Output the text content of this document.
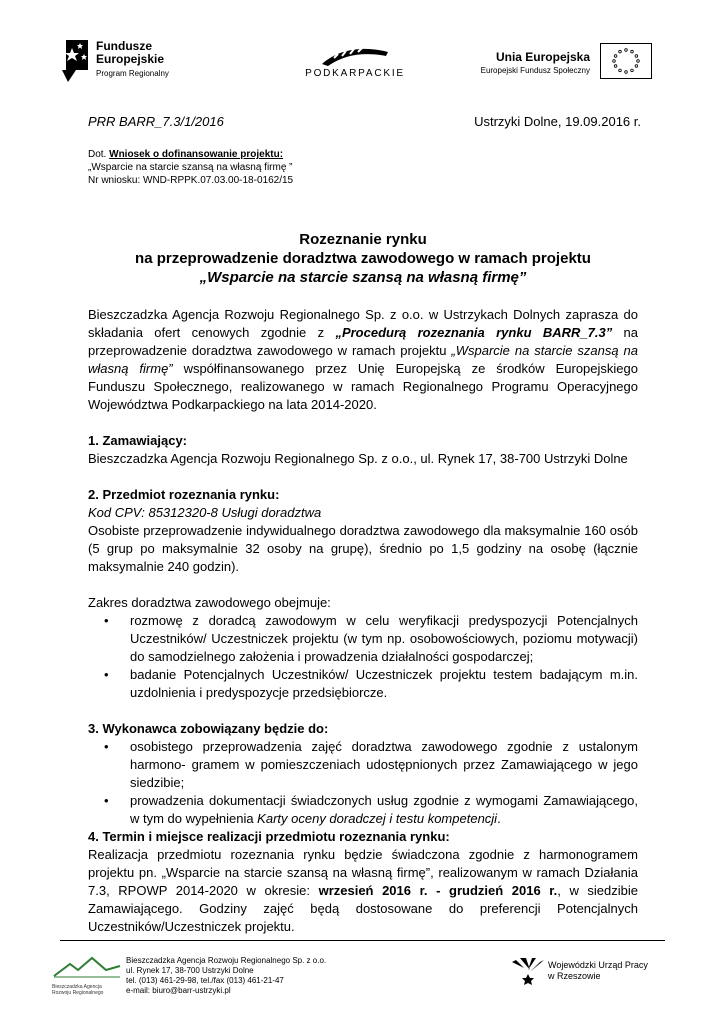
Fundusze
Europejskie
Program Regionalny	PODKARPACKIE
Unia Europejska
Europejski Fundusz Społeczny
PRR BARR_7.3/1/2016	Ustrzyki Dolne, 19.09.2016 r.
Dot. Wniosek o dofinansowanie projektu:
„Wsparcie na starcie szansą na własną firmę ”
Nr wniosku: WND-RPPK.07.03.00-18-0162/15
Rozeznanie rynku
na przeprowadzenie doradztwa zawodowego w ramach projektu
„Wsparcie na starcie szansą na własną firmę”
Bieszczadzka Agencja Rozwoju Regionalnego Sp. z o.o. w Ustrzykach Dolnych zaprasza do składania ofert cenowych zgodnie z „Procedurą rozeznania rynku BARR_7.3” na przeprowadzenie doradztwa zawodowego w ramach projektu „Wsparcie na starcie szansą na własną firmę” współfinansowanego przez Unię Europejską ze środków Europejskiego Funduszu Społecznego, realizowanego w ramach Regionalnego Programu Operacyjnego Województwa Podkarpackiego na lata 2014-2020.
1. Zamawiający:
Bieszczadzka Agencja Rozwoju Regionalnego Sp. z o.o., ul. Rynek 17, 38-700 Ustrzyki Dolne
2. Przedmiot rozeznania rynku:
Kod CPV: 85312320-8 Usługi doradztwa
Osobiste przeprowadzenie indywidualnego doradztwa zawodowego dla maksymalnie 160 osób (5 grup po maksymalnie 32 osoby na grupę), średnio po 1,5 godziny na osobę (łącznie maksymalnie 240 godzin).
Zakres doradztwa zawodowego obejmuje:
• rozmowę z doradcą zawodowym w celu weryfikacji predyspozycji Potencjalnych Uczestników/ Uczestniczek projektu (w tym np. osobowościowych, poziomu motywacji) do samodzielnego założenia i prowadzenia działalności gospodarczej;
• badanie Potencjalnych Uczestników/ Uczestniczek projektu testem badającym m.in. uzdolnienia i predyspozycje przedsiębiorcze.
3. Wykonawca zobowiązany będzie do:
• osobistego przeprowadzenia zajęć doradztwa zawodowego zgodnie z ustalonym harmono- gramem w pomieszczeniach udostępnionych przez Zamawiającego w jego siedzibie;
• prowadzenia dokumentacji świadczonych usług zgodnie z wymogami Zamawiającego, w tym do wypełnienia Karty oceny doradczej i testu kompetencji.
4. Termin i miejsce realizacji przedmiotu rozeznania rynku:
Realizacja przedmiotu rozeznania rynku będzie świadczona zgodnie z harmonogramem projektu pn. „Wsparcie na starcie szansą na własną firmę”, realizowanym w ramach Działania 7.3, RPOWP 2014-2020 w okresie: wrzesień 2016 r. - grudzień 2016 r., w siedzibie Zamawiającego. Godziny zajęć będą dostosowane do preferencji Potencjalnych Uczestników/Uczestniczek projektu.
Bieszczadzka Agencja
Rozwoju Regionalnego
Bieszczadzka Agencja Rozwoju Regionalnego Sp. z o.o.
ul. Rynek 17, 38-700 Ustrzyki Dolne
tel. (013) 461-29-98, tel./fax (013) 461-21-47
e-mail: biuro@barr-ustrzyki.pl
Wojewódzki Urząd Pracy
w Rzeszowie
